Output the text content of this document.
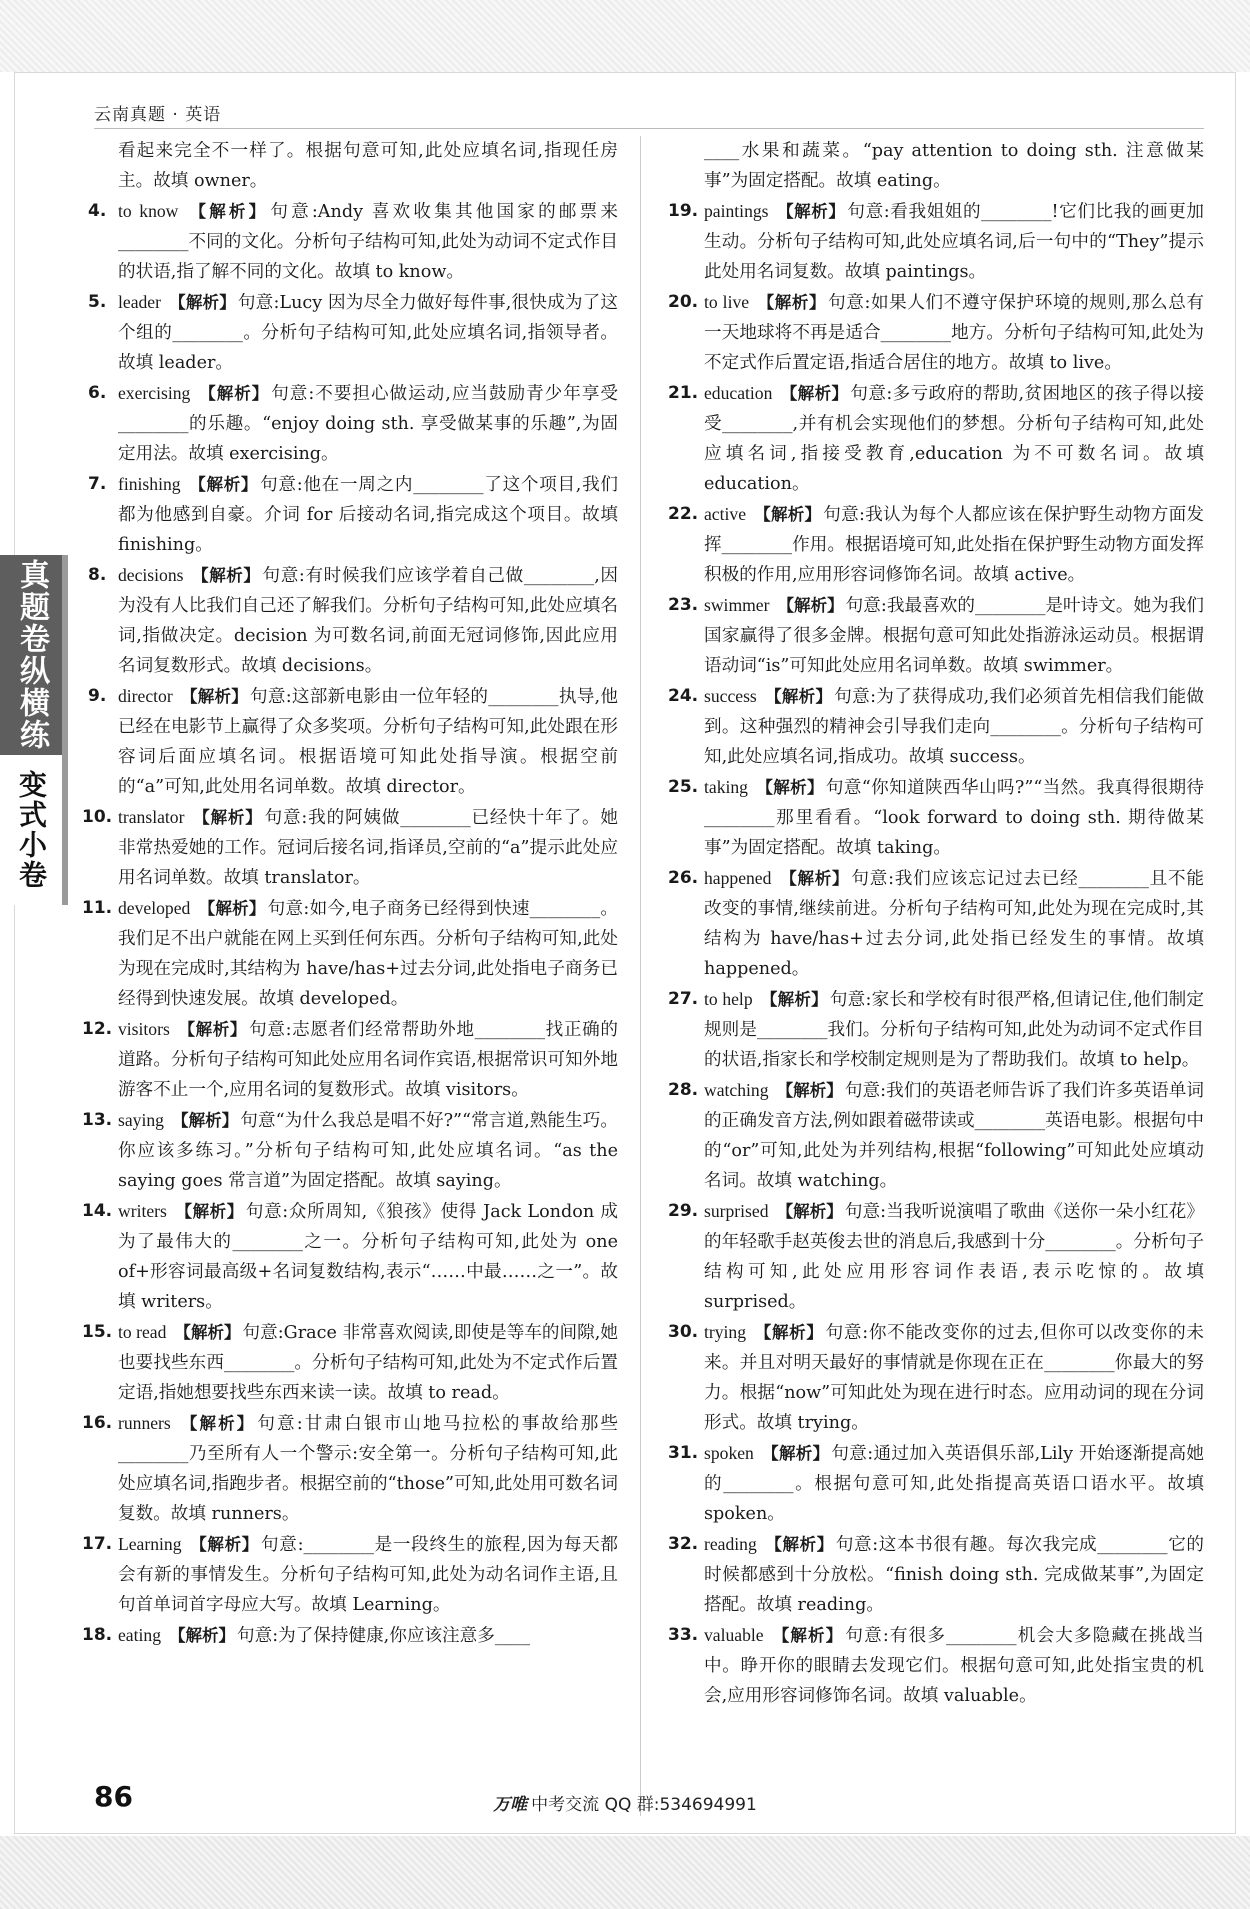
云南真题 · 英语
真题卷纵横练
变式小卷
看起来完全不一样了。根据句意可知,此处应填名词,指现任房主。故填 owner。
4. to know 【解析】 句意:Andy 喜欢收集其他国家的邮票来________不同的文化。分析句子结构可知,此处为动词不定式作目的状语,指了解不同的文化。故填 to know。
5. leader 【解析】 句意:Lucy 因为尽全力做好每件事,很快成为了这个组的________。分析句子结构可知,此处应填名词,指领导者。故填 leader。
6. exercising 【解析】 句意:不要担心做运动,应当鼓励青少年享受________的乐趣。“enjoy doing sth. 享受做某事的乐趣”,为固定用法。故填 exercising。
7. finishing 【解析】 句意:他在一周之内________了这个项目,我们都为他感到自豪。介词 for 后接动名词,指完成这个项目。故填 finishing。
8. decisions 【解析】 句意:有时候我们应该学着自己做________,因为没有人比我们自己还了解我们。分析句子结构可知,此处应填名词,指做决定。decision 为可数名词,前面无冠词修饰,因此应用名词复数形式。故填 decisions。
9. director 【解析】 句意:这部新电影由一位年轻的________执导,他已经在电影节上赢得了众多奖项。分析句子结构可知,此处跟在形容词后面应填名词。根据语境可知此处指导演。根据空前的“a”可知,此处用名词单数。故填 director。
10. translator 【解析】 句意:我的阿姨做________已经快十年了。她非常热爱她的工作。冠词后接名词,指译员,空前的“a”提示此处应用名词单数。故填 translator。
11. developed 【解析】 句意:如今,电子商务已经得到快速________。我们足不出户就能在网上买到任何东西。分析句子结构可知,此处为现在完成时,其结构为 have/has+过去分词,此处指电子商务已经得到快速发展。故填 developed。
12. visitors 【解析】 句意:志愿者们经常帮助外地________找正确的道路。分析句子结构可知此处应用名词作宾语,根据常识可知外地游客不止一个,应用名词的复数形式。故填 visitors。
13. saying 【解析】 句意“为什么我总是唱不好?”“常言道,熟能生巧。你应该多练习。”分析句子结构可知,此处应填名词。“as the saying goes 常言道”为固定搭配。故填 saying。
14. writers 【解析】 句意:众所周知,《狼孩》使得 Jack London 成为了最伟大的________之一。分析句子结构可知,此处为 one of+形容词最高级+名词复数结构,表示“……中最……之一”。故填 writers。
15. to read 【解析】 句意:Grace 非常喜欢阅读,即使是等车的间隙,她也要找些东西________。分析句子结构可知,此处为不定式作后置定语,指她想要找些东西来读一读。故填 to read。
16. runners 【解析】 句意:甘肃白银市山地马拉松的事故给那些________乃至所有人一个警示:安全第一。分析句子结构可知,此处应填名词,指跑步者。根据空前的“those”可知,此处用可数名词复数。故填 runners。
17. Learning 【解析】 句意:________是一段终生的旅程,因为每天都会有新的事情发生。分析句子结构可知,此处为动名词作主语,且句首单词首字母应大写。故填 Learning。
18. eating 【解析】 句意:为了保持健康,你应该注意多____
____水果和蔬菜。“pay attention to doing sth. 注意做某事”为固定搭配。故填 eating。
19. paintings 【解析】 句意:看我姐姐的________!它们比我的画更加生动。分析句子结构可知,此处应填名词,后一句中的“They”提示此处用名词复数。故填 paintings。
20. to live 【解析】 句意:如果人们不遵守保护环境的规则,那么总有一天地球将不再是适合________地方。分析句子结构可知,此处为不定式作后置定语,指适合居住的地方。故填 to live。
21. education 【解析】 句意:多亏政府的帮助,贫困地区的孩子得以接受________,并有机会实现他们的梦想。分析句子结构可知,此处应填名词,指接受教育,education 为不可数名词。故填 education。
22. active 【解析】 句意:我认为每个人都应该在保护野生动物方面发挥________作用。根据语境可知,此处指在保护野生动物方面发挥积极的作用,应用形容词修饰名词。故填 active。
23. swimmer 【解析】 句意:我最喜欢的________是叶诗文。她为我们国家赢得了很多金牌。根据句意可知此处指游泳运动员。根据谓语动词“is”可知此处应用名词单数。故填 swimmer。
24. success 【解析】 句意:为了获得成功,我们必须首先相信我们能做到。这种强烈的精神会引导我们走向________。分析句子结构可知,此处应填名词,指成功。故填 success。
25. taking 【解析】 句意“你知道陕西华山吗?”“当然。我真得很期待________那里看看。“look forward to doing sth. 期待做某事”为固定搭配。故填 taking。
26. happened 【解析】 句意:我们应该忘记过去已经________且不能改变的事情,继续前进。分析句子结构可知,此处为现在完成时,其结构为 have/has+过去分词,此处指已经发生的事情。故填 happened。
27. to help 【解析】 句意:家长和学校有时很严格,但请记住,他们制定规则是________我们。分析句子结构可知,此处为动词不定式作目的状语,指家长和学校制定规则是为了帮助我们。故填 to help。
28. watching 【解析】 句意:我们的英语老师告诉了我们许多英语单词的正确发音方法,例如跟着磁带读或________英语电影。根据句中的“or”可知,此处为并列结构,根据“following”可知此处应填动名词。故填 watching。
29. surprised 【解析】 句意:当我听说演唱了歌曲《送你一朵小红花》的年轻歌手赵英俊去世的消息后,我感到十分________。分析句子结构可知,此处应用形容词作表语,表示吃惊的。故填 surprised。
30. trying 【解析】 句意:你不能改变你的过去,但你可以改变你的未来。并且对明天最好的事情就是你现在正在________你最大的努力。根据“now”可知此处为现在进行时态。应用动词的现在分词形式。故填 trying。
31. spoken 【解析】 句意:通过加入英语俱乐部,Lily 开始逐渐提高她的________。根据句意可知,此处指提高英语口语水平。故填 spoken。
32. reading 【解析】 句意:这本书很有趣。每次我完成________它的时候都感到十分放松。“finish doing sth. 完成做某事”,为固定搭配。故填 reading。
33. valuable 【解析】 句意:有很多________机会大多隐藏在挑战当中。睁开你的眼睛去发现它们。根据句意可知,此处指宝贵的机会,应用形容词修饰名词。故填 valuable。
86	万唯 中考交流 QQ 群:534694991
